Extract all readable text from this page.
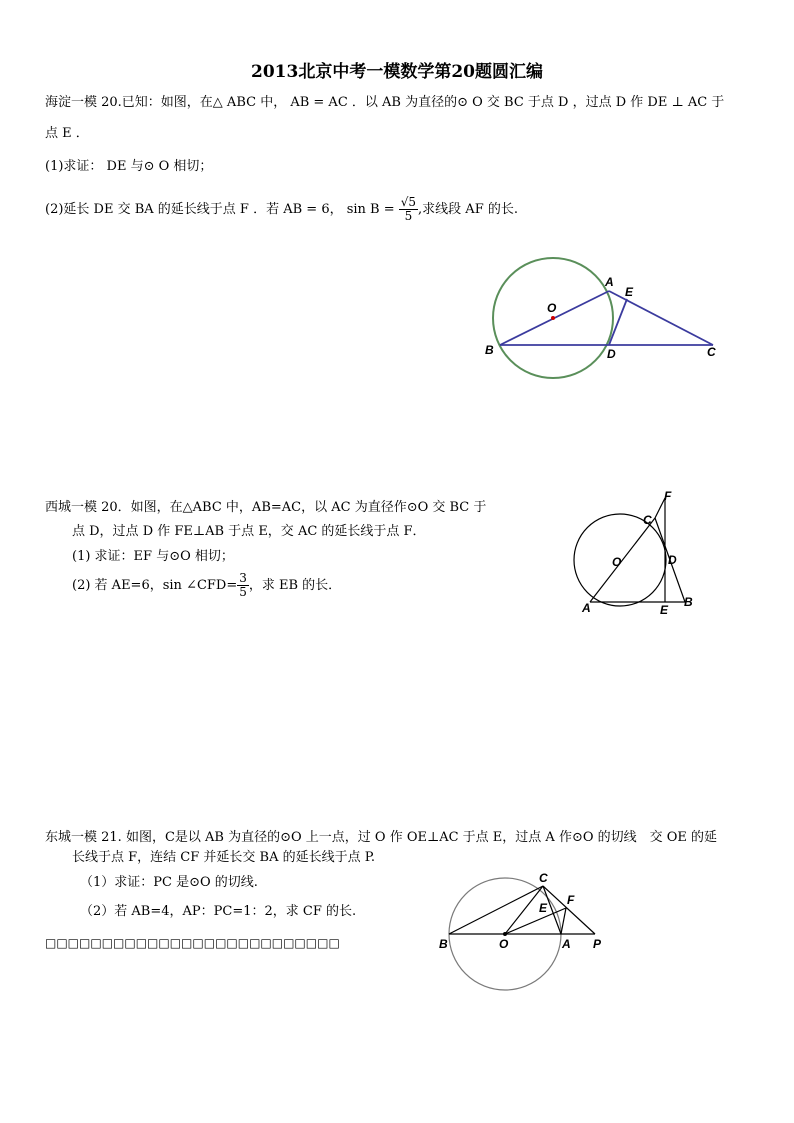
2013北京中考一模数学第20题圆汇编
海淀一模 20.已知：如图，在△ ABC 中， AB = AC ．以 AB 为直径的⊙ O 交 BC 于点 D ，过点 D 作 DE ⊥ AC 于
点 E ．
(1)求证： DE 与⊙ O 相切；
(2)延长 DE 交 BA 的延长线于点 F ．若 AB = 6， $\sin B = \frac{√5}{5}$ ,求线段 AF 的长.
O
A
E
B	D	C
西城一模 20．如图，在△ABC 中，AB=AC，以 AC 为直径作⊙O 交 BC 于
点 D，过点 D 作 FE⊥AB 于点 E，交 AC 的延长线于点 F．
(1) 求证：EF 与⊙O 相切；
(2) 若 AE=6，sin ∠CFD= $\frac{3}{5}$ ，求 EB 的长．
F
C
O	D
A	E
B
东城一模 21. 如图，C是以 AB 为直径的⊙O 上一点，过 O 作 OE⊥AC 于点 E，过点 A 作⊙O 的切线　交 OE 的延
长线于点 F，连结 CF 并延长交 BA 的延长线于点 P.
（1）求证：PC 是⊙O 的切线.
（2）若 AB=4，AP：PC=1：2，求 CF 的长.
□□□□□□□□□□□□□□□□□□□□□□□□□□
C
F
E
B	O	A P
